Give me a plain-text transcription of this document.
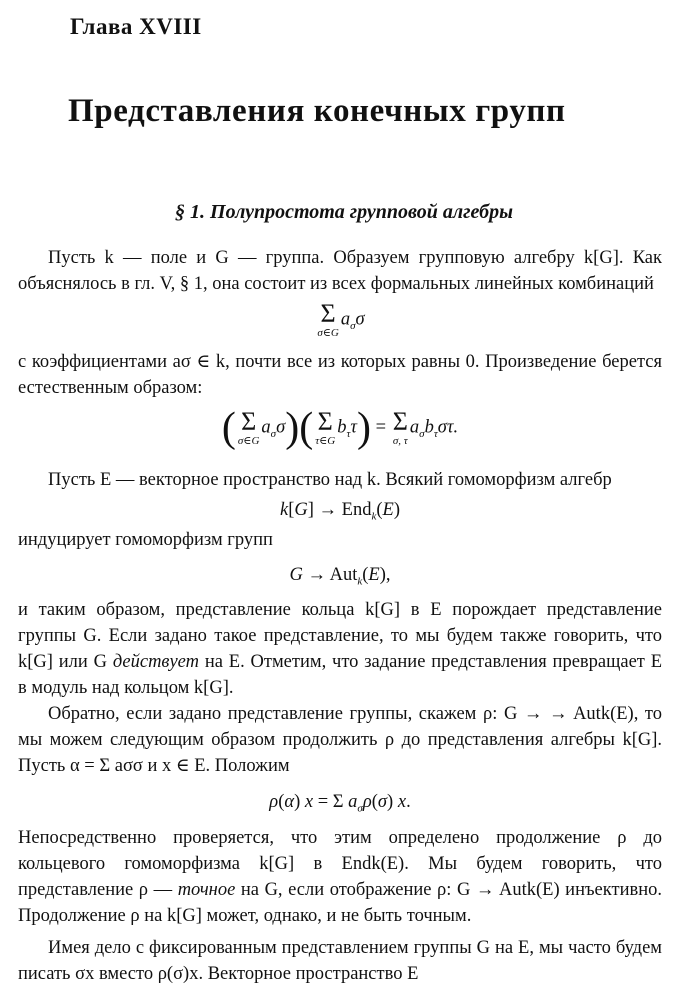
Глава XVIII
Представления конечных групп
§ 1. Полупростота групповой алгебры

Пусть k — поле и G — группа. Образуем групповую алгебру k[G]. Как объяснялось в гл. V, § 1, она состоит из всех формальных линейных комбинаций

Σ
σ∈G
$a_\sigma\sigma$

с коэффициентами aσ ∈ k, почти все из которых равны 0. Произведение берется естественным образом:

( Σ
σ∈G
$a_\sigma\sigma$)( Σ
τ∈G
$b_\tau\tau) = \Sigma$
σ, τ
$a_\sigma b_\tau\sigma\tau$.

Пусть E — векторное пространство над k. Всякий гомоморфизм алгебр

k[G] → End$_k$(E)

индуцирует гомоморфизм групп

G → Aut$_k$(E),

и таким образом, представление кольца k[G] в E порождает представление группы G. Если задано такое представление, то мы будем также говорить, что k[G] или G действует на E. Отметим, что задание представления превращает E в модуль над кольцом k[G].

Обратно, если задано представление группы, скажем ρ: G → → Autk(E), то мы можем следующим образом продолжить ρ до представления алгебры k[G]. Пусть α = Σ aσσ и x ∈ E. Положим

ρ(α) x = Σ $a_\sigma\rho(\sigma)$ x.

Непосредственно проверяется, что этим определено продолжение ρ до кольцевого гомоморфизма k[G] в Endk(E). Мы будем говорить, что представление ρ — точное на G, если отображение ρ: G → Autk(E) инъективно. Продолжение ρ на k[G] может, однако, и не быть точным.

Имея дело с фиксированным представлением группы G на E, мы часто будем писать σx вместо ρ(σ)x. Векторное пространство E
